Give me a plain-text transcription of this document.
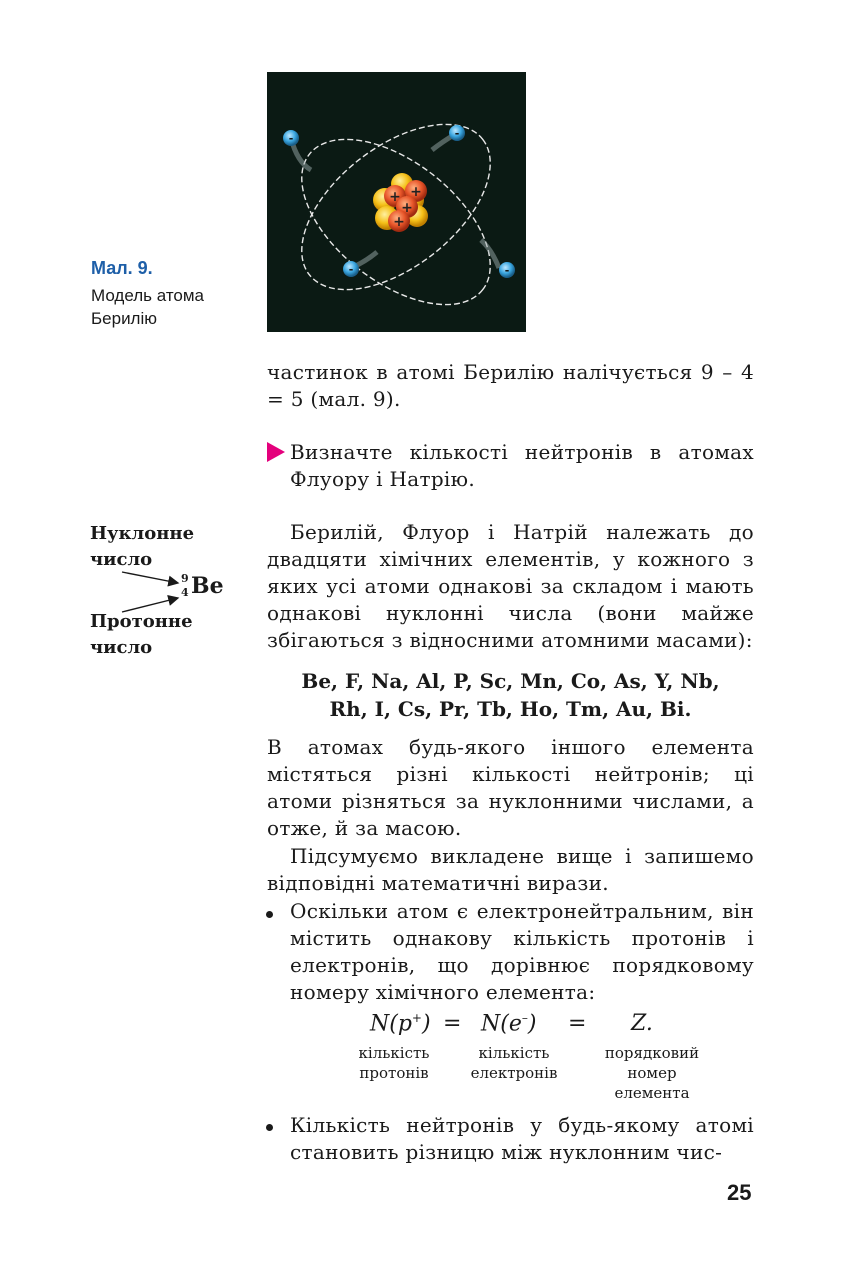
+ +
+
+
-	-
-	-
Мал. 9.
Модель атома Берилію
частинок в атомі Берилію налічується 9 – 4 = 5 (мал. 9).
Визначте кількості нейтронів в атомах Флуору і Натрію.
Нуклонне число
Протонне число
9
4 Be
Берилій, Флуор і Натрій належать до двадцяти хімічних елементів, у кожного з яких усі атоми однакові за складом і мають однакові нуклонні числа (вони майже збігаються з відносними атомними масами):
Be, F, Na, Al, P, Sc, Mn, Co, As, Y, Nb,
Rh, I, Cs, Pr, Tb, Ho, Tm, Au, Bi.
В атомах будь-якого іншого елемента містяться різні кількості нейтронів; ці атоми різняться за нуклонними числами, а отже, й за масою.
Підсумуємо викладене вище і запишемо відповідні математичні вирази.
Оскільки атом є електронейтральним, він містить однакову кількість протонів і електронів, що дорівнює порядковому номеру хімічного елемента:
N(p+) = N(e–) = Z.
кількість протонів
кількість електронів
порядковий номер елемента
Кількість нейтронів у будь-якому атомі становить різницю між нуклонним чис-
25
